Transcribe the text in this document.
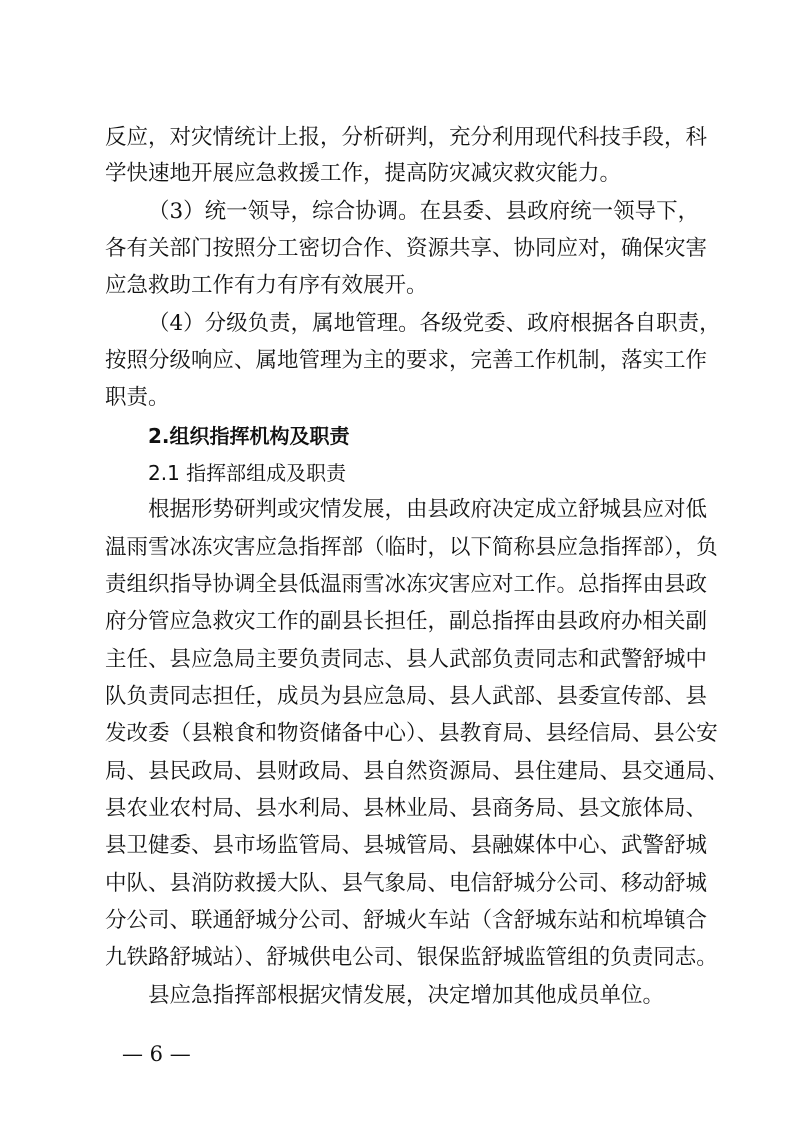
反应，对灾情统计上报，分析研判，充分利用现代科技手段，科
学快速地开展应急救援工作，提高防灾减灾救灾能力。
（3）统一领导，综合协调。在县委、县政府统一领导下，
各有关部门按照分工密切合作、资源共享、协同应对，确保灾害
应急救助工作有力有序有效展开。
（4）分级负责，属地管理。各级党委、政府根据各自职责，
按照分级响应、属地管理为主的要求，完善工作机制，落实工作
职责。
2.组织指挥机构及职责
2.1 指挥部组成及职责
根据形势研判或灾情发展，由县政府决定成立舒城县应对低
温雨雪冰冻灾害应急指挥部（临时，以下简称县应急指挥部），负
责组织指导协调全县低温雨雪冰冻灾害应对工作。总指挥由县政
府分管应急救灾工作的副县长担任，副总指挥由县政府办相关副
主任、县应急局主要负责同志、县人武部负责同志和武警舒城中
队负责同志担任，成员为县应急局、县人武部、县委宣传部、县
发改委（县粮食和物资储备中心）、县教育局、县经信局、县公安
局、县民政局、县财政局、县自然资源局、县住建局、县交通局、
县农业农村局、县水利局、县林业局、县商务局、县文旅体局、
县卫健委、县市场监管局、县城管局、县融媒体中心、武警舒城
中队、县消防救援大队、县气象局、电信舒城分公司、移动舒城
分公司、联通舒城分公司、舒城火车站（含舒城东站和杭埠镇合
九铁路舒城站）、舒城供电公司、银保监舒城监管组的负责同志。
县应急指挥部根据灾情发展，决定增加其他成员单位。
— 6 —
